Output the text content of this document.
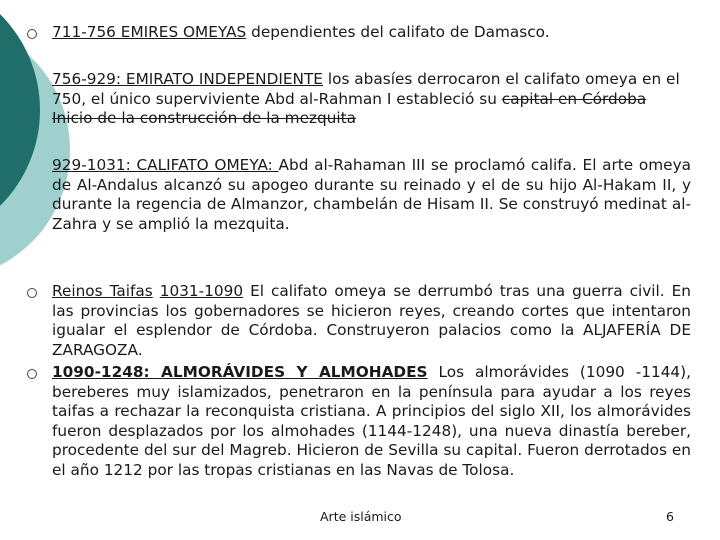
711-756 EMIRES OMEYAS dependientes del califato de Damasco.
756-929: EMIRATO INDEPENDIENTE los abasíes derrocaron el califato omeya en el 750, el único superviviente Abd al-Rahman I estableció su capital en Córdoba Inicio de la construcción de la mezquita
929-1031: CALIFATO OMEYA: Abd al-Rahaman III se proclamó califa. El arte omeya de Al-Andalus alcanzó su apogeo durante su reinado y el de su hijo Al-Hakam II, y durante la regencia de Almanzor, chambelán de Hisam II. Se construyó medinat al-Zahra y se amplió la mezquita.
Reinos Taifas 1031-1090 El califato omeya se derrumbó tras una guerra civil. En las provincias los gobernadores se hicieron reyes, creando cortes que intentaron igualar el esplendor de Córdoba. Construyeron palacios como la ALJAFERÍA DE ZARAGOZA.
1090-1248: ALMORÁVIDES Y ALMOHADES Los almorávides (1090 -1144), bereberes muy islamizados, penetraron en la península para ayudar a los reyes taifas a rechazar la reconquista cristiana. A principios del siglo XII, los almorávides fueron desplazados por los almohades (1144-1248), una nueva dinastía bereber, procedente del sur del Magreb. Hicieron de Sevilla su capital. Fueron derrotados en el año 1212 por las tropas cristianas en las Navas de Tolosa.
Arte islámico	6
